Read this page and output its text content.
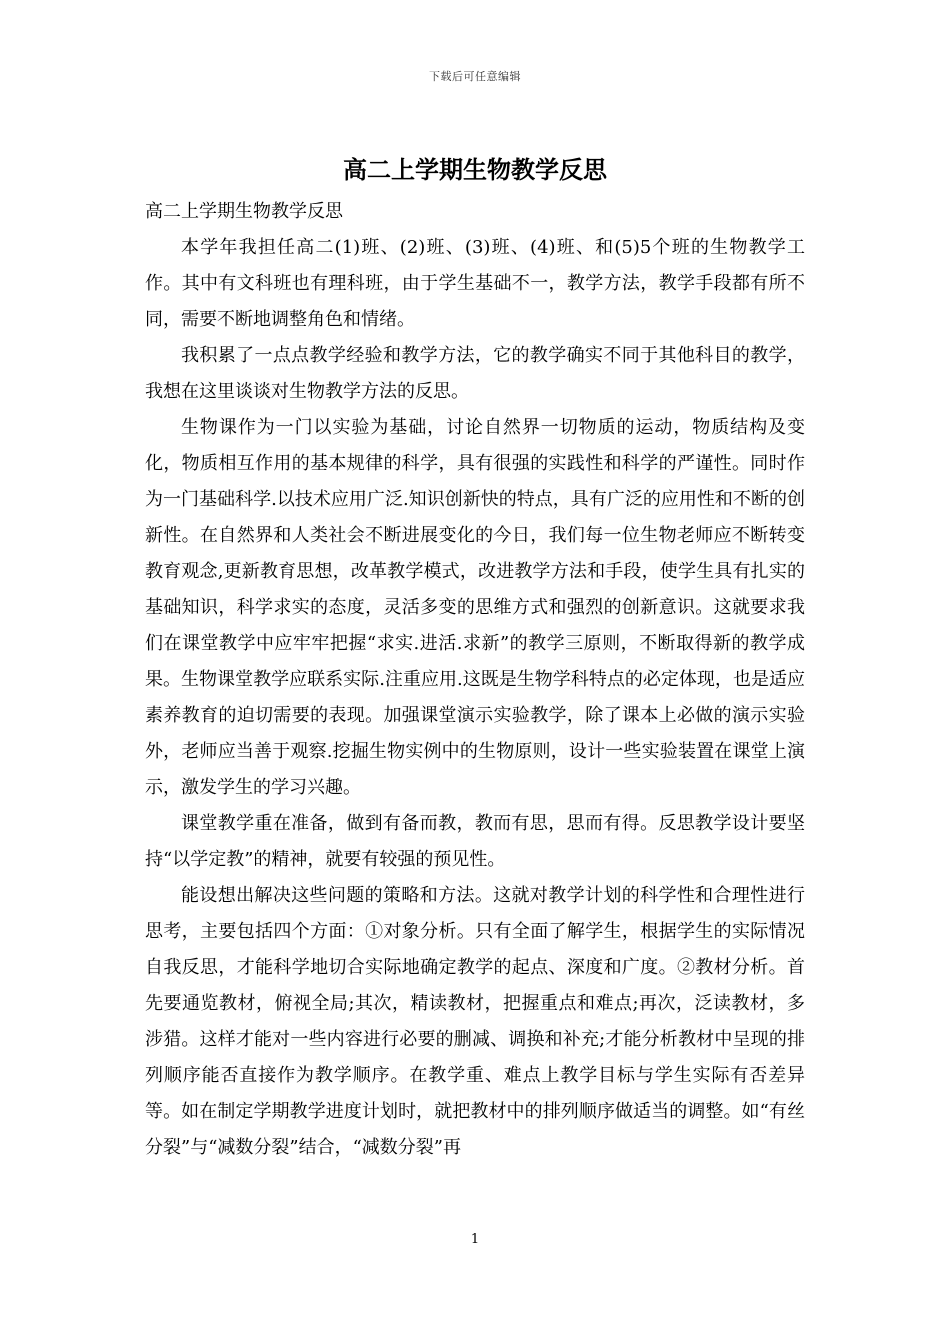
下载后可任意编辑
高二上学期生物教学反思

高二上学期生物教学反思

本学年我担任高二(1)班、(2)班、(3)班、(4)班、和(5)5个班的生物教学工作。其中有文科班也有理科班，由于学生基础不一，教学方法，教学手段都有所不同，需要不断地调整角色和情绪。

我积累了一点点教学经验和教学方法，它的教学确实不同于其他科目的教学，我想在这里谈谈对生物教学方法的反思。

生物课作为一门以实验为基础，讨论自然界一切物质的运动，物质结构及变化，物质相互作用的基本规律的科学，具有很强的实践性和科学的严谨性。同时作为一门基础科学.以技术应用广泛.知识创新快的特点，具有广泛的应用性和不断的创新性。在自然界和人类社会不断进展变化的今日，我们每一位生物老师应不断转变教育观念,更新教育思想，改革教学模式，改进教学方法和手段，使学生具有扎实的基础知识，科学求实的态度，灵活多变的思维方式和强烈的创新意识。这就要求我们在课堂教学中应牢牢把握“求实.进活.求新”的教学三原则，不断取得新的教学成果。生物课堂教学应联系实际.注重应用.这既是生物学科特点的必定体现，也是适应素养教育的迫切需要的表现。加强课堂演示实验教学，除了课本上必做的演示实验外，老师应当善于观察.挖掘生物实例中的生物原则，设计一些实验装置在课堂上演示，激发学生的学习兴趣。

课堂教学重在准备，做到有备而教，教而有思，思而有得。反思教学设计要坚持“以学定教”的精神，就要有较强的预见性。

能设想出解决这些问题的策略和方法。这就对教学计划的科学性和合理性进行思考，主要包括四个方面：①对象分析。只有全面了解学生，根据学生的实际情况自我反思，才能科学地切合实际地确定教学的起点、深度和广度。②教材分析。首先要通览教材，俯视全局;其次，精读教材，把握重点和难点;再次，泛读教材，多涉猎。这样才能对一些内容进行必要的删减、调换和补充;才能分析教材中呈现的排列顺序能否直接作为教学顺序。在教学重、难点上教学目标与学生实际有否差异等。如在制定学期教学进度计划时，就把教材中的排列顺序做适当的调整。如“有丝分裂”与“减数分裂”结合，“减数分裂”再

1
